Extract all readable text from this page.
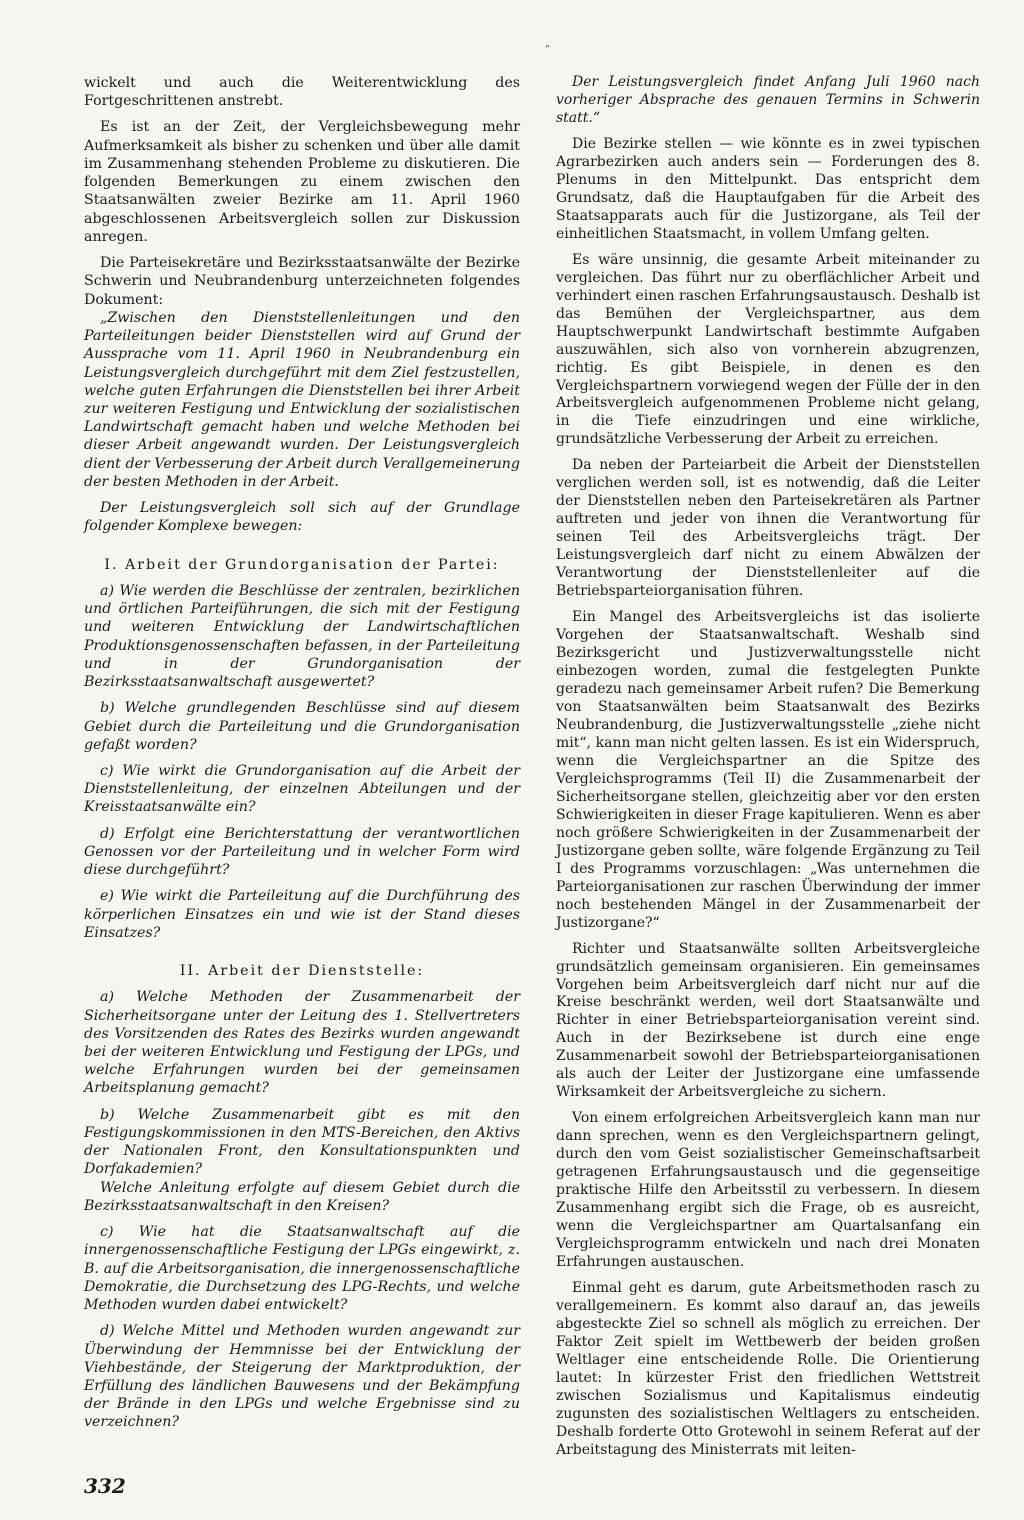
„

wickelt und auch die Weiterentwicklung des Fortgeschrittenen anstrebt.

Es ist an der Zeit, der Vergleichsbewegung mehr Aufmerksamkeit als bisher zu schenken und über alle damit im Zusammenhang stehenden Probleme zu diskutieren. Die folgenden Bemerkungen zu einem zwischen den Staatsanwälten zweier Bezirke am 11. April 1960 abgeschlossenen Arbeitsvergleich sollen zur Diskussion anregen.

Die Parteisekretäre und Bezirksstaatsanwälte der Bezirke Schwerin und Neubrandenburg unterzeichneten folgendes Dokument:

„Zwischen den Dienststellenleitungen und den Parteileitungen beider Dienststellen wird auf Grund der Aussprache vom 11. April 1960 in Neubrandenburg ein Leistungsvergleich durchgeführt mit dem Ziel festzustellen, welche guten Erfahrungen die Dienststellen bei ihrer Arbeit zur weiteren Festigung und Entwicklung der sozialistischen Landwirtschaft gemacht haben und welche Methoden bei dieser Arbeit angewandt wurden. Der Leistungsvergleich dient der Verbesserung der Arbeit durch Verallgemeinerung der besten Methoden in der Arbeit.

Der Leistungsvergleich soll sich auf der Grundlage folgender Komplexe bewegen:

I. Arbeit der Grundorganisation der Partei:

a) Wie werden die Beschlüsse der zentralen, bezirklichen und örtlichen Parteiführungen, die sich mit der Festigung und weiteren Entwicklung der Landwirtschaftlichen Produktionsgenossenschaften befassen, in der Parteileitung und in der Grundorganisation der Bezirksstaatsanwaltschaft ausgewertet?

b) Welche grundlegenden Beschlüsse sind auf diesem Gebiet durch die Parteileitung und die Grundorganisation gefaßt worden?

c) Wie wirkt die Grundorganisation auf die Arbeit der Dienststellenleitung, der einzelnen Abteilungen und der Kreisstaatsanwälte ein?

d) Erfolgt eine Berichterstattung der verantwortlichen Genossen vor der Parteileitung und in welcher Form wird diese durchgeführt?

e) Wie wirkt die Parteileitung auf die Durchführung des körperlichen Einsatzes ein und wie ist der Stand dieses Einsatzes?

II. Arbeit der Dienststelle:

a) Welche Methoden der Zusammenarbeit der Sicherheitsorgane unter der Leitung des 1. Stellvertreters des Vorsitzenden des Rates des Bezirks wurden angewandt bei der weiteren Entwicklung und Festigung der LPGs, und welche Erfahrungen wurden bei der gemeinsamen Arbeitsplanung gemacht?

b) Welche Zusammenarbeit gibt es mit den Festigungskommissionen in den MTS-Bereichen, den Aktivs der Nationalen Front, den Konsultationspunkten und Dorfakademien?

Welche Anleitung erfolgte auf diesem Gebiet durch die Bezirksstaatsanwaltschaft in den Kreisen?

c) Wie hat die Staatsanwaltschaft auf die innergenossenschaftliche Festigung der LPGs eingewirkt, z. B. auf die Arbeitsorganisation, die innergenossenschaftliche Demokratie, die Durchsetzung des LPG-Rechts, und welche Methoden wurden dabei entwickelt?

d) Welche Mittel und Methoden wurden angewandt zur Überwindung der Hemmnisse bei der Entwicklung der Viehbestände, der Steigerung der Marktproduktion, der Erfüllung des ländlichen Bauwesens und der Bekämpfung der Brände in den LPGs und welche Ergebnisse sind zu verzeichnen?

Der Leistungsvergleich findet Anfang Juli 1960 nach vorheriger Absprache des genauen Termins in Schwerin statt.“

Die Bezirke stellen — wie könnte es in zwei typischen Agrarbezirken auch anders sein — Forderungen des 8. Plenums in den Mittelpunkt. Das entspricht dem Grundsatz, daß die Hauptaufgaben für die Arbeit des Staatsapparats auch für die Justizorgane, als Teil der einheitlichen Staatsmacht, in vollem Umfang gelten.

Es wäre unsinnig, die gesamte Arbeit miteinander zu vergleichen. Das führt nur zu oberflächlicher Arbeit und verhindert einen raschen Erfahrungsaustausch. Deshalb ist das Bemühen der Vergleichspartner, aus dem Hauptschwerpunkt Landwirtschaft bestimmte Aufgaben auszuwählen, sich also von vornherein abzugrenzen, richtig. Es gibt Beispiele, in denen es den Vergleichspartnern vorwiegend wegen der Fülle der in den Arbeitsvergleich aufgenommenen Probleme nicht gelang, in die Tiefe einzudringen und eine wirkliche, grundsätzliche Verbesserung der Arbeit zu erreichen.

Da neben der Parteiarbeit die Arbeit der Dienststellen verglichen werden soll, ist es notwendig, daß die Leiter der Dienststellen neben den Parteisekretären als Partner auftreten und jeder von ihnen die Verantwortung für seinen Teil des Arbeitsvergleichs trägt. Der Leistungsvergleich darf nicht zu einem Abwälzen der Verantwortung der Dienststellenleiter auf die Betriebsparteiorganisation führen.

Ein Mangel des Arbeitsvergleichs ist das isolierte Vorgehen der Staatsanwaltschaft. Weshalb sind Bezirksgericht und Justizverwaltungsstelle nicht einbezogen worden, zumal die festgelegten Punkte geradezu nach gemeinsamer Arbeit rufen? Die Bemerkung von Staatsanwälten beim Staatsanwalt des Bezirks Neubrandenburg, die Justizverwaltungsstelle „ziehe nicht mit“, kann man nicht gelten lassen. Es ist ein Widerspruch, wenn die Vergleichspartner an die Spitze des Vergleichsprogramms (Teil II) die Zusammenarbeit der Sicherheitsorgane stellen, gleichzeitig aber vor den ersten Schwierigkeiten in dieser Frage kapitulieren. Wenn es aber noch größere Schwierigkeiten in der Zusammenarbeit der Justizorgane geben sollte, wäre folgende Ergänzung zu Teil I des Programms vorzuschlagen: „Was unternehmen die Parteiorganisationen zur raschen Überwindung der immer noch bestehenden Mängel in der Zusammenarbeit der Justizorgane?“

Richter und Staatsanwälte sollten Arbeitsvergleiche grundsätzlich gemeinsam organisieren. Ein gemeinsames Vorgehen beim Arbeitsvergleich darf nicht nur auf die Kreise beschränkt werden, weil dort Staatsanwälte und Richter in einer Betriebsparteiorganisation vereint sind. Auch in der Bezirksebene ist durch eine enge Zusammenarbeit sowohl der Betriebsparteiorganisationen als auch der Leiter der Justizorgane eine umfassende Wirksamkeit der Arbeitsvergleiche zu sichern.

Von einem erfolgreichen Arbeitsvergleich kann man nur dann sprechen, wenn es den Vergleichspartnern gelingt, durch den vom Geist sozialistischer Gemeinschaftsarbeit getragenen Erfahrungsaustausch und die gegenseitige praktische Hilfe den Arbeitsstil zu verbessern. In diesem Zusammenhang ergibt sich die Frage, ob es ausreicht, wenn die Vergleichspartner am Quartalsanfang ein Vergleichsprogramm entwickeln und nach drei Monaten Erfahrungen austauschen.

Einmal geht es darum, gute Arbeitsmethoden rasch zu verallgemeinern. Es kommt also darauf an, das jeweils abgesteckte Ziel so schnell als möglich zu erreichen. Der Faktor Zeit spielt im Wettbewerb der beiden großen Weltlager eine entscheidende Rolle. Die Orientierung lautet: In kürzester Frist den friedlichen Wettstreit zwischen Sozialismus und Kapitalismus eindeutig zugunsten des sozialistischen Weltlagers zu entscheiden. Deshalb forderte Otto Grotewohl in seinem Referat auf der Arbeitstagung des Ministerrats mit leiten-

332
